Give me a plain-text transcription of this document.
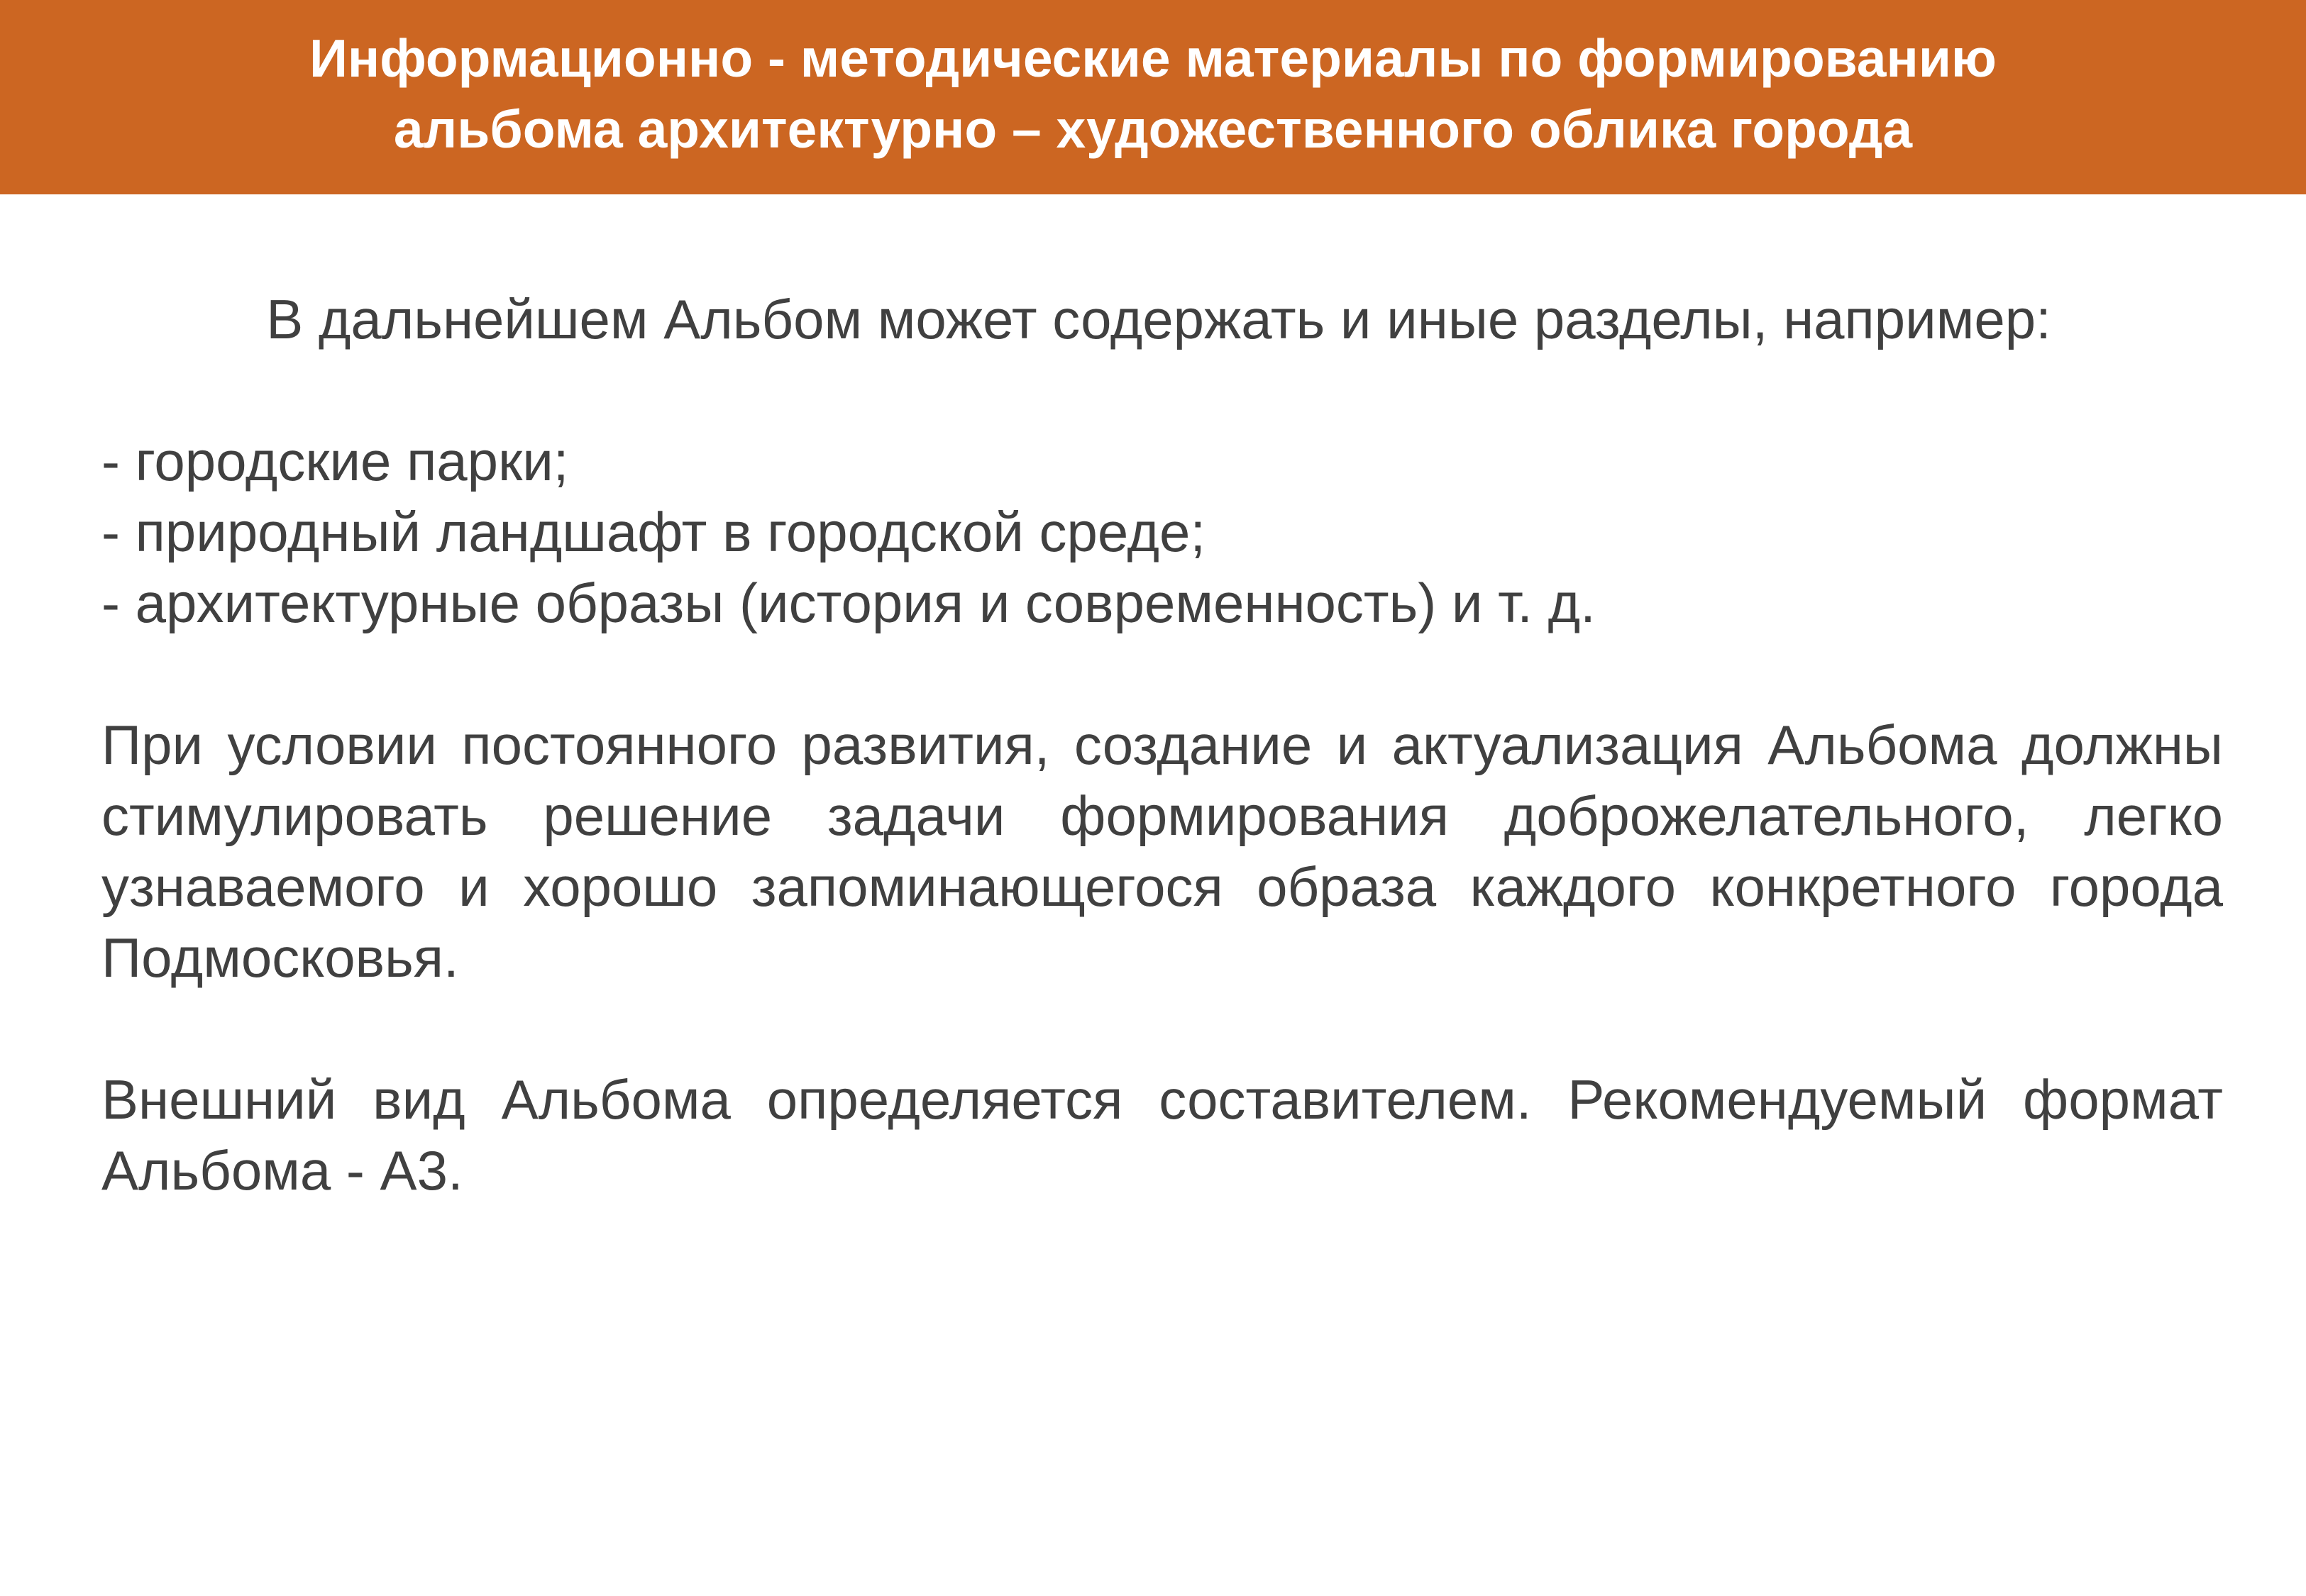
Информационно - методические материалы по формированию
альбома архитектурно – художественного облика города
В дальнейшем Альбом может содержать и иные разделы, например:
- городские парки;
- природный ландшафт в городской среде;
- архитектурные образы (история и современность) и т. д.
При условии постоянного развития, создание и актуализация Альбома должны стимулировать решение задачи формирования доброжелательного, легко узнаваемого и хорошо запоминающегося образа каждого конкретного города Подмосковья.
Внешний вид Альбома определяется составителем. Рекомендуемый формат Альбома - А3.
